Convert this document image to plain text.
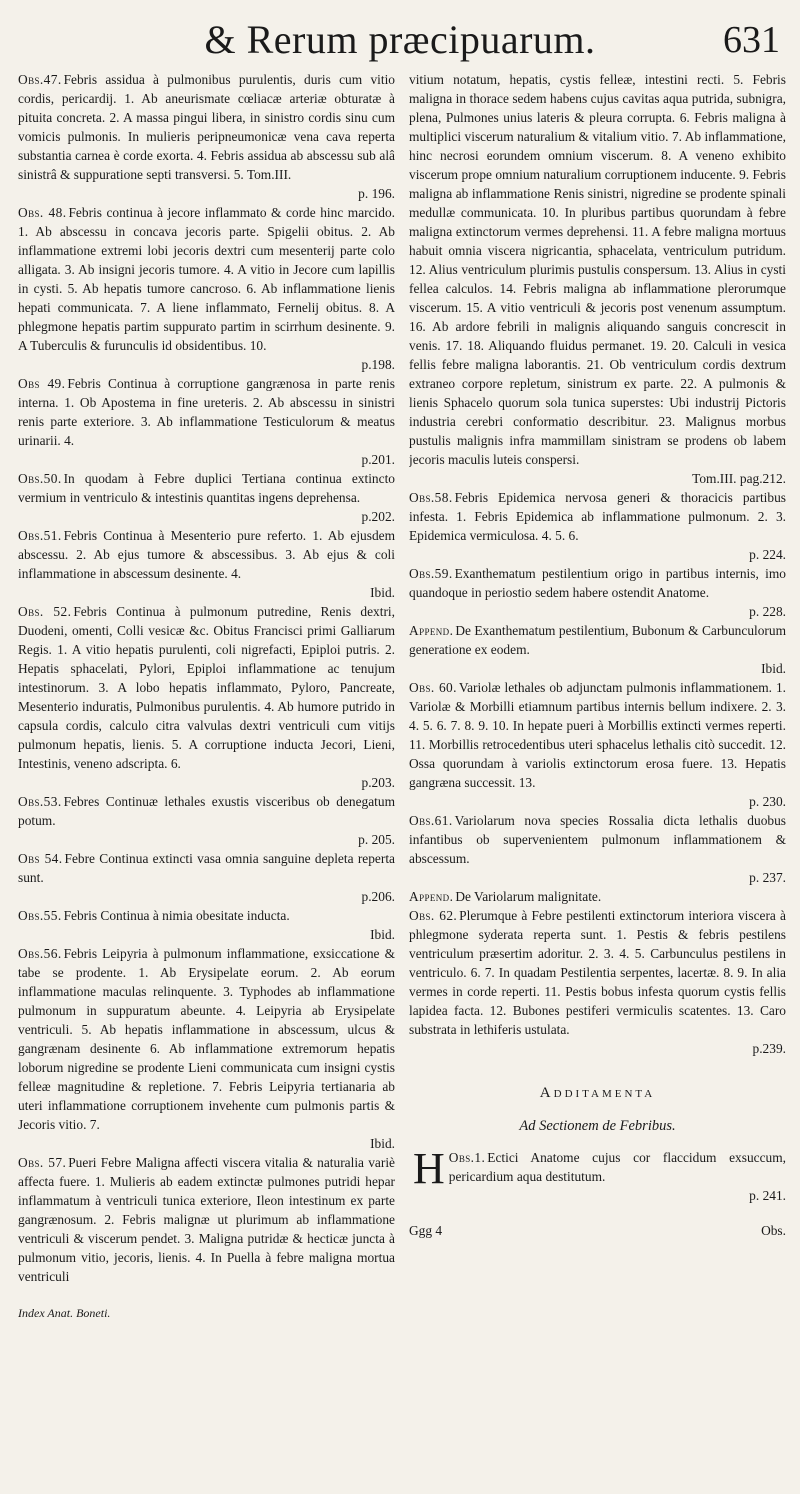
& Rerum præcipuarum.	631
Obs.47. Febris assidua à pulmonibus purulentis, duris cum vitio cordis, pericardij. 1. Ab aneurismate cœliacæ arteriæ obturatæ à pituita concreta. 2. A massa pingui libera, in sinistro cordis sinu cum vomicis pulmonis. In mulieris peripneumonicæ vena cava reperta substantia carnea è corde exorta. 4. Febris assidua ab abscessu sub alâ sinistrâ & suppuratione septi transversi. 5. Tom.III.
p. 196.
Obs. 48. Febris continua à jecore inflammato & corde hinc marcido. 1. Ab abscessu in concava jecoris parte. Spigelii obitus. 2. Ab inflammatione extremi lobi jecoris dextri cum mesenterij parte colo alligata. 3. Ab insigni jecoris tumore. 4. A vitio in Jecore cum lapillis in cysti. 5. Ab hepatis tumore cancroso. 6. Ab inflammatione lienis hepati communicata. 7. A liene inflammato, Fernelij obitus. 8. A phlegmone hepatis partim suppurato partim in scirrhum desinente. 9. A Tuberculis & furunculis id obsidentibus. 10.
p.198.
Obs 49. Febris Continua à corruptione gangrænosa in parte renis interna. 1. Ob Apostema in fine ureteris. 2. Ab abscessu in sinistri renis parte exteriore. 3. Ab inflammatione Testiculorum & meatus urinarii. 4.
p.201.
Obs.50. In quodam à Febre duplici Tertiana continua extincto vermium in ventriculo & intestinis quantitas ingens deprehensa.
p.202.
Obs.51. Febris Continua à Mesenterio pure referto. 1. Ab ejusdem abscessu. 2. Ab ejus tumore & abscessibus. 3. Ab ejus & coli inflammatione in abscessum desinente. 4.
Ibid.
Obs. 52. Febris Continua à pulmonum putredine, Renis dextri, Duodeni, omenti, Colli vesicæ &c. Obitus Francisci primi Galliarum Regis. 1. A vitio hepatis purulenti, coli nigrefacti, Epiploi putris. 2. Hepatis sphacelati, Pylori, Epiploi inflammatione ac tenujum intestinorum. 3. A lobo hepatis inflammato, Pyloro, Pancreate, Mesenterio induratis, Pulmonibus purulentis. 4. Ab humore putrido in capsula cordis, calculo citra valvulas dextri ventriculi cum vitijs pulmonum hepatis, lienis. 5. A corruptione inducta Jecori, Lieni, Intestinis, veneno adscripta. 6.
p.203.
Obs.53. Febres Continuæ lethales exustis visceribus ob denegatum potum.
p. 205.
Obs 54. Febre Continua extincti vasa omnia sanguine depleta reperta sunt.
p.206.
Obs.55. Febris Continua à nimia obesitate inducta.
Ibid.
Obs.56. Febris Leipyria à pulmonum inflammatione, exsiccatione & tabe se prodente. 1. Ab Erysipelate eorum. 2. Ab eorum inflammatione maculas relinquente. 3. Typhodes ab inflammatione pulmonum in suppuratum abeunte. 4. Leipyria ab Erysipelate ventriculi. 5. Ab hepatis inflammatione in abscessum, ulcus & gangrænam desinente 6. Ab inflammatione extremorum hepatis loborum nigredine se prodente Lieni communicata cum insigni cystis felleæ magnitudine & repletione. 7. Febris Leipyria tertianaria ab uteri inflammatione corruptionem invehente cum pulmonis partis & Jecoris vitio. 7.
Ibid.
Obs. 57. Pueri Febre Maligna affecti viscera vitalia & naturalia variè affecta fuere. 1. Mulieris ab eadem extinctæ pulmones putridi hepar inflammatum à ventriculi tunica exteriore, Ileon intestinum ex parte gangrænosum. 2. Febris malignæ ut plurimum ab inflammatione ventriculi & viscerum pendet. 3. Maligna putridæ & hecticæ juncta à pulmonum vitio, jecoris, lienis. 4. In Puella à febre maligna mortua ventriculi
Index Anat. Boneti.
vitium notatum, hepatis, cystis felleæ, intestini recti. 5. Febris maligna in thorace sedem habens cujus cavitas aqua putrida, subnigra, plena, Pulmones unius lateris & pleura corrupta. 6. Febris maligna à multiplici viscerum naturalium & vitalium vitio. 7. Ab inflammatione, hinc necrosi eorundem omnium viscerum. 8. A veneno exhibito viscerum prope omnium naturalium corruptionem inducente. 9. Febris maligna ab inflammatione Renis sinistri, nigredine se prodente spinali medullæ communicata. 10. In pluribus partibus quorundam à febre maligna extinctorum vermes deprehensi. 11. A febre maligna mortuus habuit omnia viscera nigricantia, sphacelata, ventriculum putridum. 12. Alius ventriculum plurimis pustulis conspersum. 13. Alius in cysti fellea calculos. 14. Febris maligna ab inflammatione plerorumque viscerum. 15. A vitio ventriculi & jecoris post venenum assumptum. 16. Ab ardore febrili in malignis aliquando sanguis concrescit in venis. 17. 18. Aliquando fluidus permanet. 19. 20. Calculi in vesica fellis febre maligna laborantis. 21. Ob ventriculum cordis dextrum extraneo corpore repletum, sinistrum ex parte. 22. A pulmonis & lienis Sphacelo quorum sola tunica superstes: Ubi industrij Pictoris industria cerebri conformatio describitur. 23. Malignus morbus pustulis malignis infra mammillam sinistram se prodens ob labem jecoris maculis luteis conspersi.
Tom.III. pag.212.
Obs.58. Febris Epidemica nervosa generi & thoracicis partibus infesta. 1. Febris Epidemica ab inflammatione pulmonum. 2. 3. Epidemica vermiculosa. 4. 5. 6.
p. 224.
Obs.59. Exanthematum pestilentium origo in partibus internis, imo quandoque in periostio sedem habere ostendit Anatome.
p. 228.
Append. De Exanthematum pestilentium, Bubonum & Carbunculorum generatione ex eodem.
Ibid.
Obs. 60. Variolæ lethales ob adjunctam pulmonis inflammationem. 1. Variolæ & Morbilli etiamnum partibus internis bellum indixere. 2. 3. 4. 5. 6. 7. 8. 9. 10. In hepate pueri à Morbillis extincti vermes reperti. 11. Morbillis retrocedentibus uteri sphacelus lethalis citò succedit. 12. Ossa quorundam à variolis extinctorum erosa fuere. 13. Hepatis gangræna successit. 13.
p. 230.
Obs.61. Variolarum nova species Rossalia dicta lethalis duobus infantibus ob supervenientem pulmonum inflammationem & abscessum.
p. 237.
Append. De Variolarum malignitate.
Obs. 62. Plerumque à Febre pestilenti extinctorum interiora viscera à phlegmone syderata reperta sunt. 1. Pestis & febris pestilens ventriculum præsertim adoritur. 2. 3. 4. 5. Carbunculus pestilens in ventriculo. 6. 7. In quadam Pestilentia serpentes, lacertæ. 8. 9. In alia vermes in corde reperti. 11. Pestis bobus infesta quorum cystis fellis lapidea facta. 12. Bubones pestiferi vermiculis scatentes. 13. Caro substrata in lethiferis ustulata.
p.239.
Additamenta
Ad Sectionem de Febribus.
Obs.1.
H	Ectici Anatome cujus cor flaccidum exsuccum, pericardium aqua destitutum.
p. 241.
Ggg 4	Obs.
